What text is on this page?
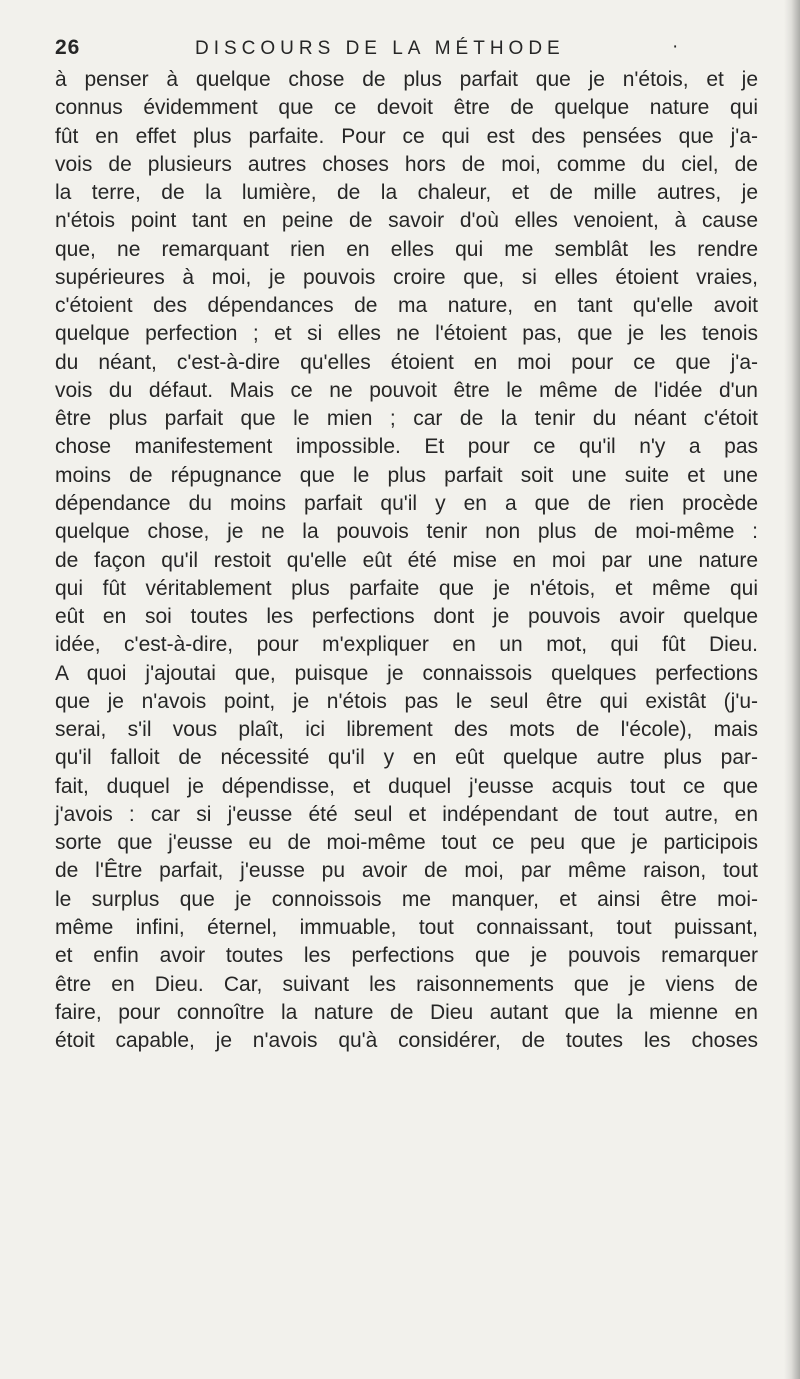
26	DISCOURS DE LA MÉTHODE	·
à penser à quelque chose de plus parfait que je n'étois, et je
connus évidemment que ce devoit être de quelque nature qui
fût en effet plus parfaite. Pour ce qui est des pensées que j'a-
vois de plusieurs autres choses hors de moi, comme du ciel, de
la terre, de la lumière, de la chaleur, et de mille autres, je
n'étois point tant en peine de savoir d'où elles venoient, à cause
que, ne remarquant rien en elles qui me semblât les rendre
supérieures à moi, je pouvois croire que, si elles étoient vraies,
c'étoient des dépendances de ma nature, en tant qu'elle avoit
quelque perfection ; et si elles ne l'étoient pas, que je les tenois
du néant, c'est-à-dire qu'elles étoient en moi pour ce que j'a-
vois du défaut. Mais ce ne pouvoit être le même de l'idée d'un
être plus parfait que le mien ; car de la tenir du néant c'étoit
chose manifestement impossible. Et pour ce qu'il n'y a pas
moins de répugnance que le plus parfait soit une suite et une
dépendance du moins parfait qu'il y en a que de rien procède
quelque chose, je ne la pouvois tenir non plus de moi-même :
de façon qu'il restoit qu'elle eût été mise en moi par une nature
qui fût véritablement plus parfaite que je n'étois, et même qui
eût en soi toutes les perfections dont je pouvois avoir quelque
idée, c'est-à-dire, pour m'expliquer en un mot, qui fût Dieu.
A quoi j'ajoutai que, puisque je connaissois quelques perfections
que je n'avois point, je n'étois pas le seul être qui existât (j'u-
serai, s'il vous plaît, ici librement des mots de l'école), mais
qu'il falloit de nécessité qu'il y en eût quelque autre plus par-
fait, duquel je dépendisse, et duquel j'eusse acquis tout ce que
j'avois : car si j'eusse été seul et indépendant de tout autre, en
sorte que j'eusse eu de moi-même tout ce peu que je participois
de l'Être parfait, j'eusse pu avoir de moi, par même raison, tout
le surplus que je connoissois me manquer, et ainsi être moi-
même infini, éternel, immuable, tout connaissant, tout puissant,
et enfin avoir toutes les perfections que je pouvois remarquer
être en Dieu. Car, suivant les raisonnements que je viens de
faire, pour connoître la nature de Dieu autant que la mienne en
étoit capable, je n'avois qu'à considérer, de toutes les choses
